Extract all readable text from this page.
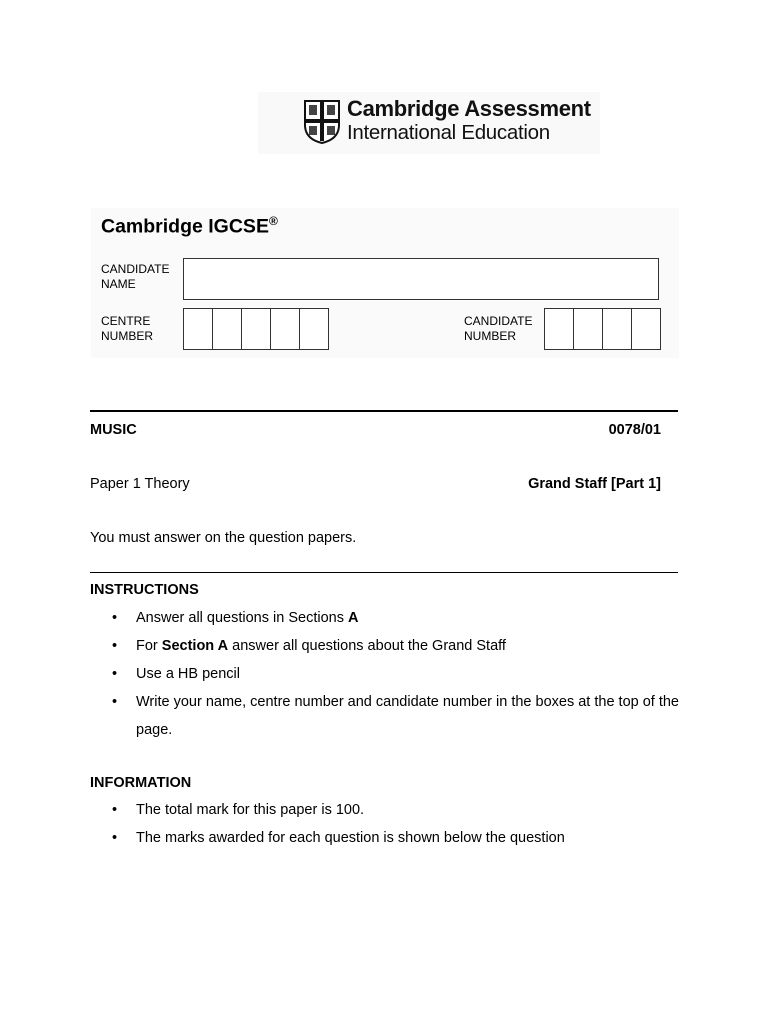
Cambridge Assessment
International Education
Cambridge IGCSE®
CANDIDATE
NAME
CENTRE
NUMBER
CANDIDATE
NUMBER
MUSIC	0078/01
Paper 1 Theory	Grand Staff [Part 1]
You must answer on the question papers.
INSTRUCTIONS
• Answer all questions in Sections A
• For Section A answer all questions about the Grand Staff
• Use a HB pencil
• Write your name, centre number and candidate number in the boxes at the top of the page.
INFORMATION
• The total mark for this paper is 100.
• The marks awarded for each question is shown below the question
